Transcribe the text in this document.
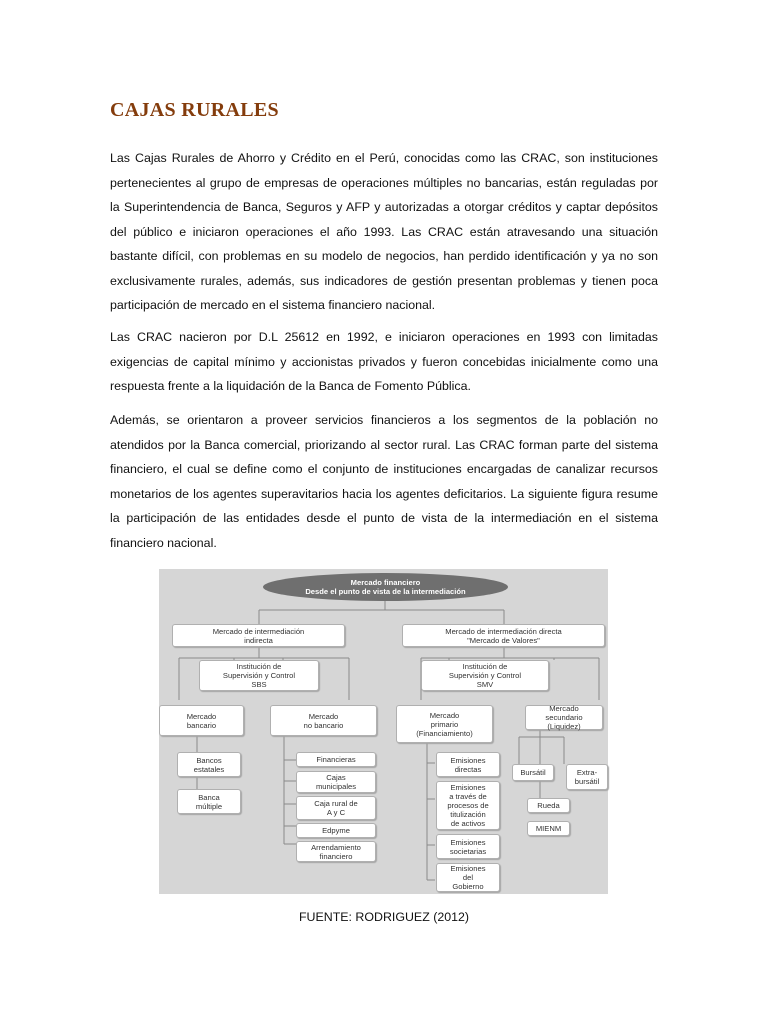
CAJAS RURALES

Las Cajas Rurales de Ahorro y Crédito en el Perú, conocidas como las CRAC, son instituciones pertenecientes al grupo de empresas de operaciones múltiples no bancarias, están reguladas por la Superintendencia de Banca, Seguros y AFP y autorizadas a otorgar créditos y captar depósitos del público e iniciaron operaciones el año 1993. Las CRAC están atravesando una situación bastante difícil, con problemas en su modelo de negocios, han perdido identificación y ya no son exclusivamente rurales, además, sus indicadores de gestión presentan problemas y tienen poca participación de mercado en el sistema financiero nacional.

Las CRAC nacieron por D.L 25612 en 1992, e iniciaron operaciones en 1993 con limitadas exigencias de capital mínimo y accionistas privados y fueron concebidas inicialmente como una respuesta frente a la liquidación de la Banca de Fomento Pública.

Además, se orientaron a proveer servicios financieros a los segmentos de la población no atendidos por la Banca comercial, priorizando al sector rural. Las CRAC forman parte del sistema financiero, el cual se define como el conjunto de instituciones encargadas de canalizar recursos monetarios de los agentes superavitarios hacia los agentes deficitarios. La siguiente figura resume la participación de las entidades desde el punto de vista de la intermediación en el sistema financiero nacional.

Mercado financiero
Desde el punto de vista de la intermediación
Mercado de intermediación
indirecta
Mercado de intermediación directa
"Mercado de Valores"
Institución de
Supervisión y Control
SBS
Institución de
Supervisión y Control
SMV
Mercado
bancario
Mercado
no bancario
Mercado
primario
(Financiamiento)
Mercado
secundario
(Liquidez)
Bancos
estatales
Banca
múltiple
Financieras
Cajas
municipales
Caja rural de
A y C
Edpyme
Arrendamiento
financiero
Emisiones
directas
Emisiones
a través de
procesos de
titulización
de activos
Emisiones
societarias
Emisiones
del
Gobierno
Bursátil	Extra-
bursátil
Rueda
MIENM

FUENTE: RODRIGUEZ (2012)
